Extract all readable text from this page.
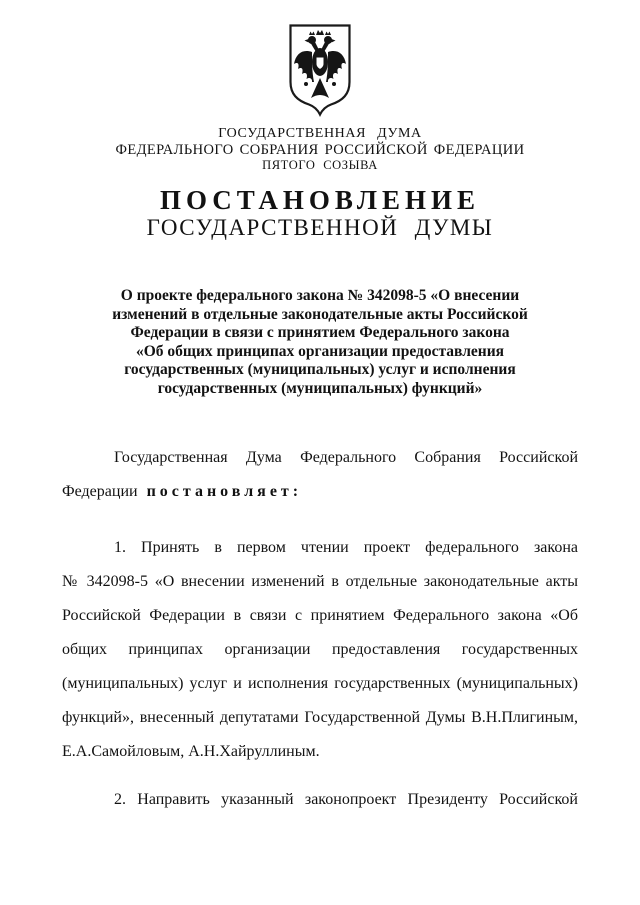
ГОСУДАРСТВЕННАЯ ДУМА
ФЕДЕРАЛЬНОГО СОБРАНИЯ РОССИЙСКОЙ ФЕДЕРАЦИИ
ПЯТОГО СОЗЫВА
ПОСТАНОВЛЕНИЕ
ГОСУДАРСТВЕННОЙ ДУМЫ
О проекте федерального закона № 342098-5 «О внесении
изменений в отдельные законодательные акты Российской
Федерации в связи с принятием Федерального закона
«Об общих принципах организации предоставления
государственных (муниципальных) услуг и исполнения
государственных (муниципальных) функций»
Государственная Дума Федерального Собрания Российской
Федерации постановляет:
1. Принять в первом чтении проект федерального закона
№ 342098-5 «О внесении изменений в отдельные законодательные акты
Российской Федерации в связи с принятием Федерального закона «Об
общих принципах организации предоставления государственных
(муниципальных) услуг и исполнения государственных (муниципальных)
функций», внесенный депутатами Государственной Думы В.Н.Плигиным,
Е.А.Самойловым, А.Н.Хайруллиным.
2. Направить указанный законопроект Президенту Российской
